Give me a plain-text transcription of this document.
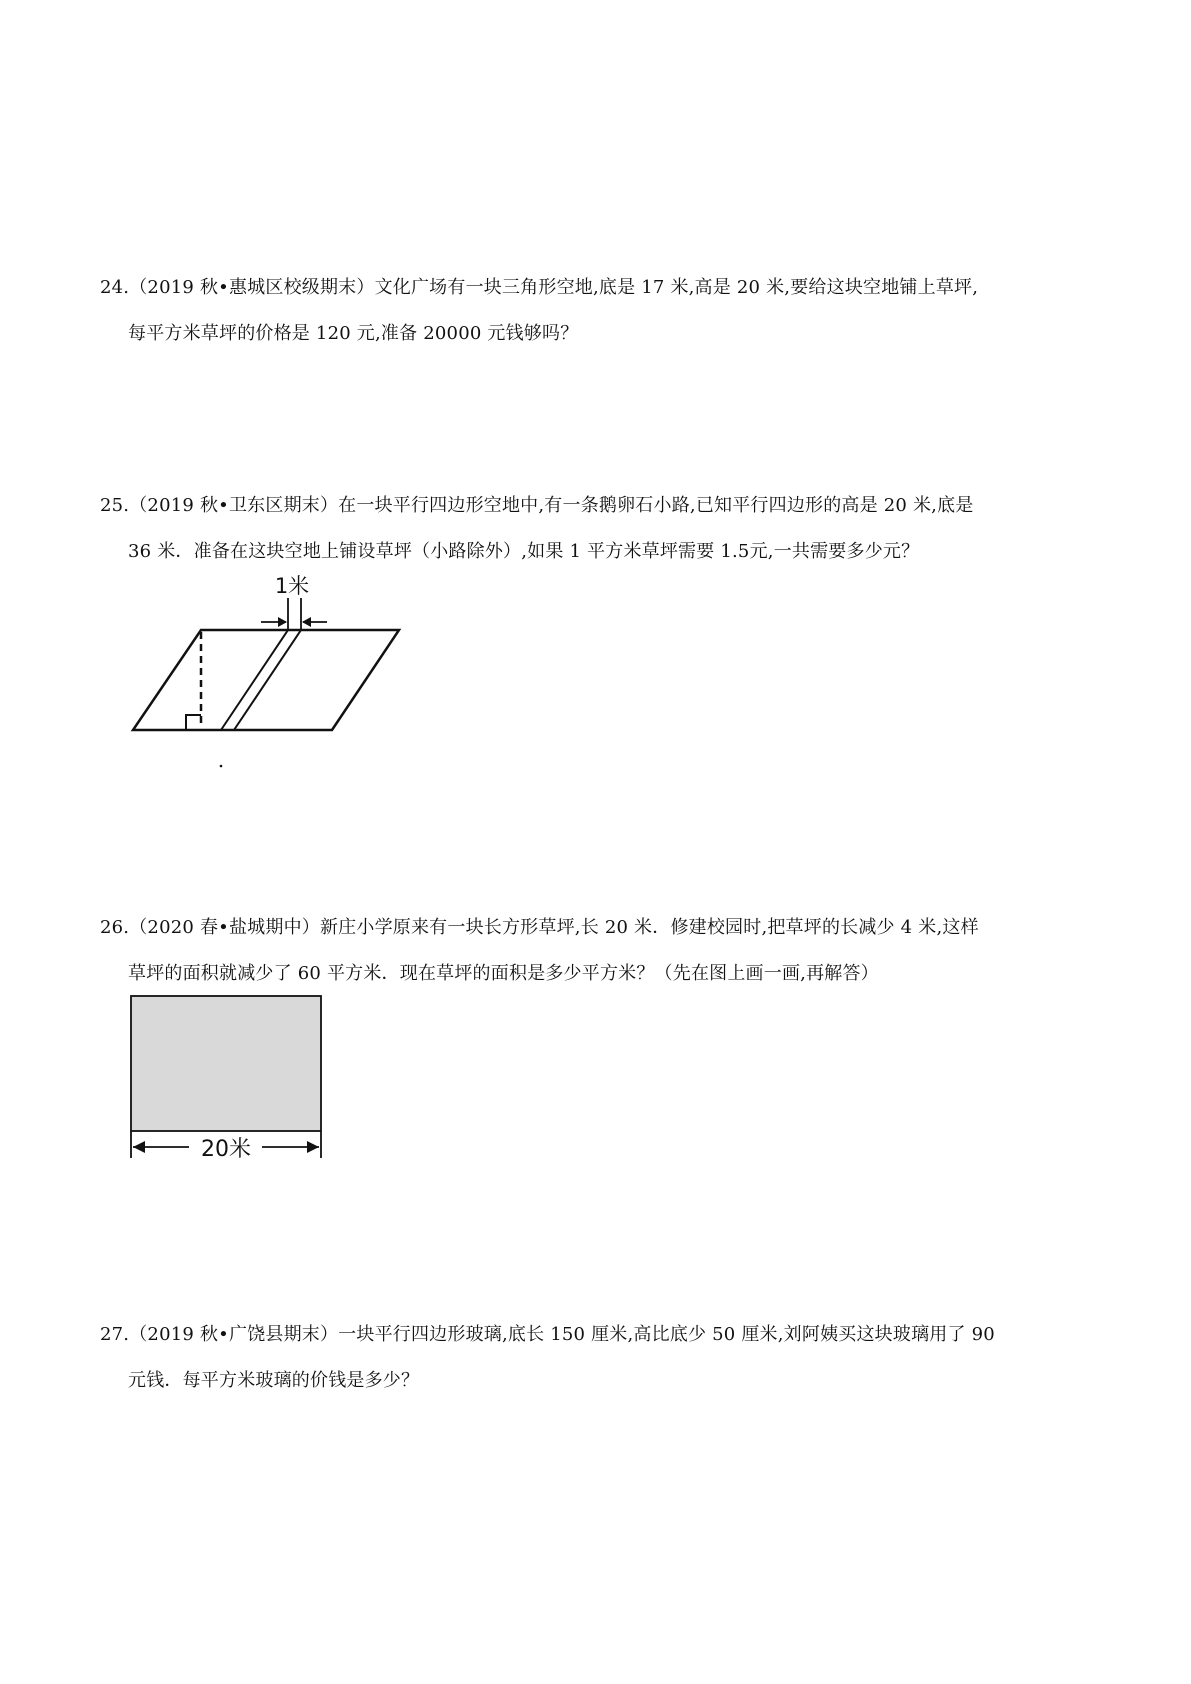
24.（2019 秋•惠城区校级期末）文化广场有一块三角形空地,底是 17 米,高是 20 米,要给这块空地铺上草坪,
每平方米草坪的价格是 120 元,准备 20000 元钱够吗？
25.（2019 秋•卫东区期末）在一块平行四边形空地中,有一条鹅卵石小路,已知平行四边形的高是 20 米,底是
36 米．准备在这块空地上铺设草坪（小路除外）,如果 1 平方米草坪需要 1.5元,一共需要多少元？
1米
26.（2020 春•盐城期中）新庄小学原来有一块长方形草坪,长 20 米．修建校园时,把草坪的长减少 4 米,这样
草坪的面积就减少了 60 平方米．现在草坪的面积是多少平方米？（先在图上画一画,再解答）
20米
27.（2019 秋•广饶县期末）一块平行四边形玻璃,底长 150 厘米,高比底少 50 厘米,刘阿姨买这块玻璃用了 90
元钱．每平方米玻璃的价钱是多少？
